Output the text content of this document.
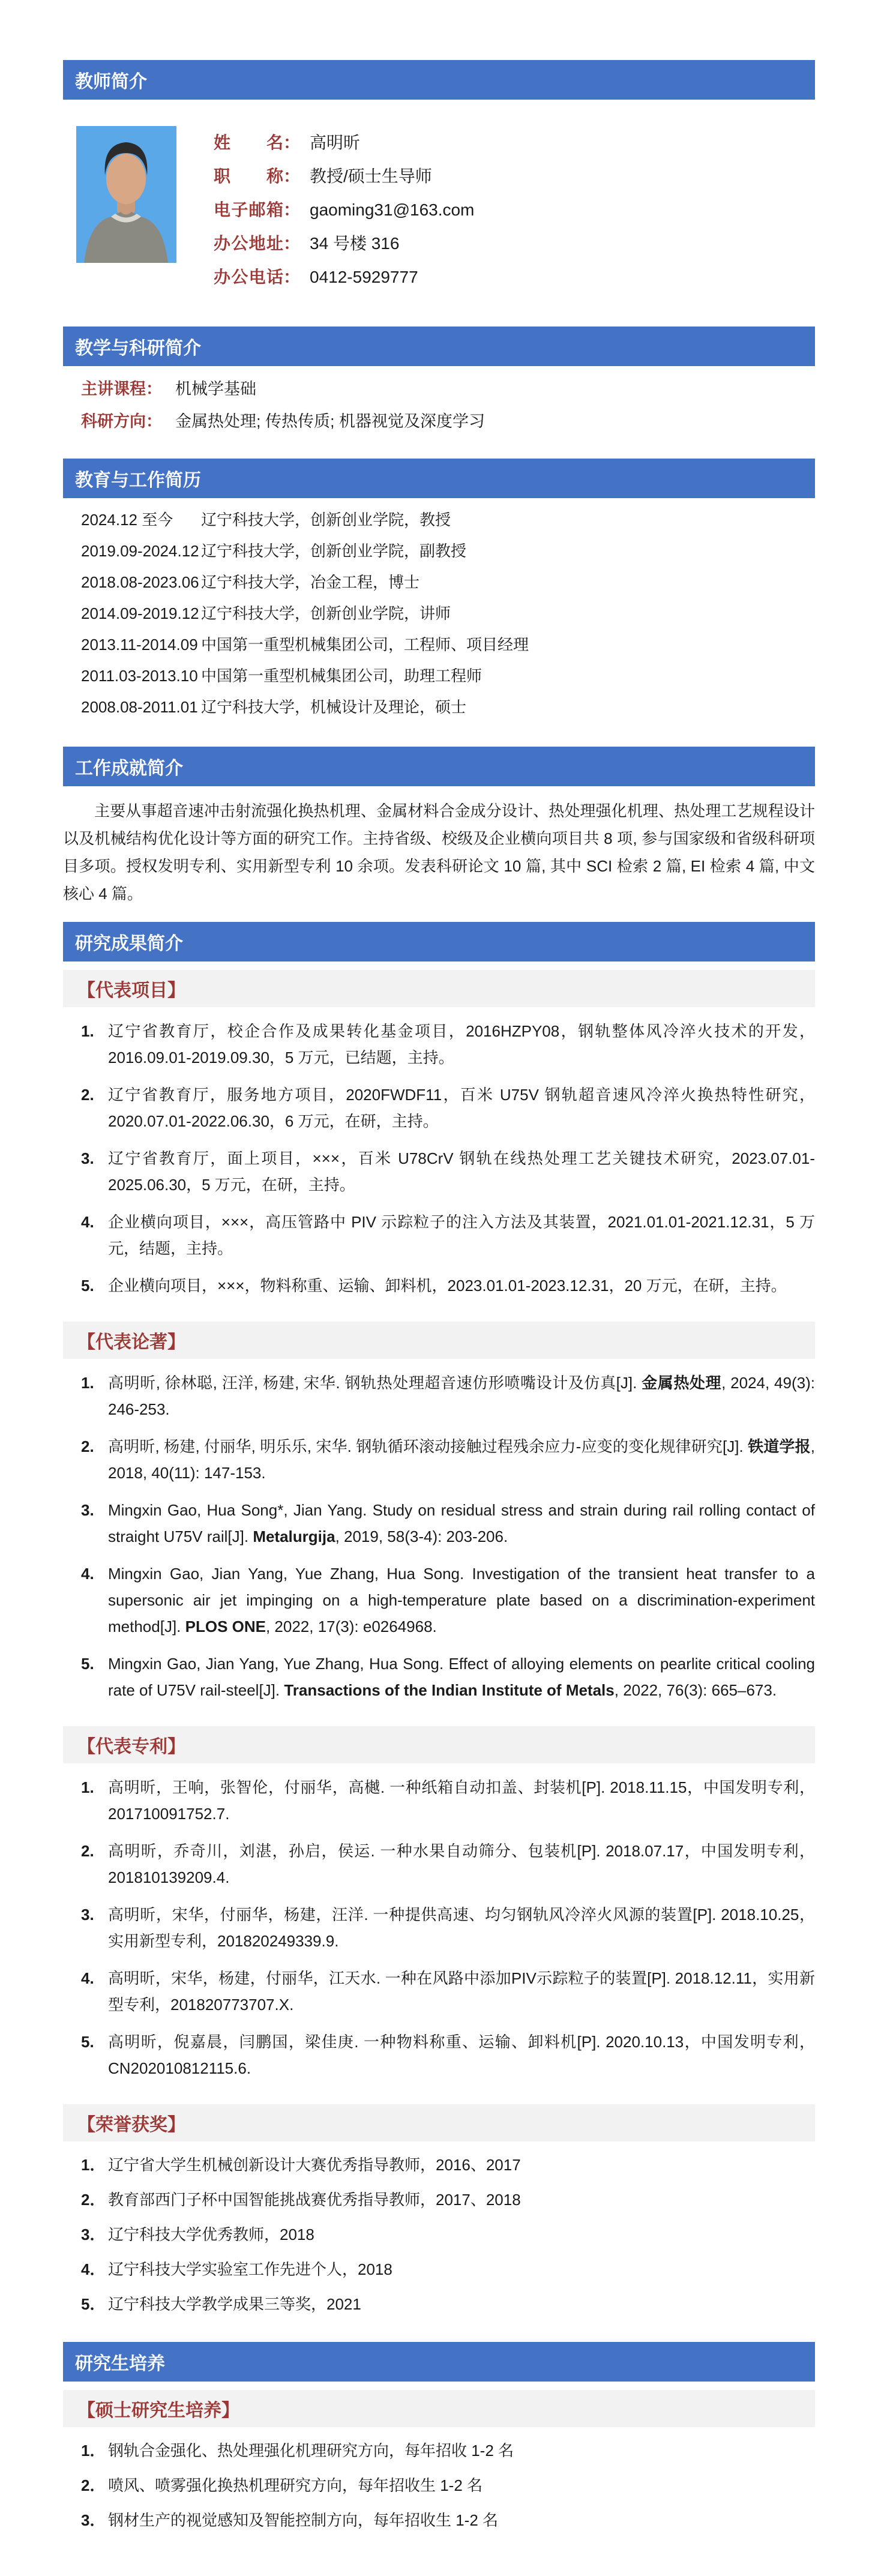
教师简介
姓名 ： 高明昕
职称 ： 教授/硕士生导师
电子邮箱 ： gaoming31@163.com
办公地址 ： 34 号楼 316
办公电话 ： 0412-5929777
教学与科研简介
主讲课程 ： 机械学基础
科研方向 ： 金属热处理; 传热传质; 机器视觉及深度学习
教育与工作简历
2024.12 至今	辽宁科技大学，创新创业学院，教授
2019.09-2024.12 辽宁科技大学，创新创业学院，副教授
2018.08-2023.06 辽宁科技大学，冶金工程，博士
2014.09-2019.12 辽宁科技大学，创新创业学院，讲师
2013.11-2014.09 中国第一重型机械集团公司，工程师、项目经理
2011.03-2013.10 中国第一重型机械集团公司，助理工程师
2008.08-2011.01 辽宁科技大学，机械设计及理论，硕士
工作成就简介

主要从事超音速冲击射流强化换热机理、金属材料合金成分设计、热处理强化机理、热处理工艺规程设计以及机械结构优化设计等方面的研究工作。主持省级、校级及企业横向项目共 8 项, 参与国家级和省级科研项目多项。授权发明专利、实用新型专利 10 余项。发表科研论文 10 篇, 其中 SCI 检索 2 篇, EI 检索 4 篇, 中文核心 4 篇。

研究成果简介
【代表项目】
1. 辽宁省教育厅，校企合作及成果转化基金项目，2016HZPY08，钢轨整体风冷淬火技术的开发，2016.09.01-2019.09.30，5 万元，已结题，主持。
2. 辽宁省教育厅，服务地方项目，2020FWDF11，百米 U75V 钢轨超音速风冷淬火换热特性研究，2020.07.01-2022.06.30，6 万元，在研，主持。
3. 辽宁省教育厅，面上项目，×××，百米 U78CrV 钢轨在线热处理工艺关键技术研究，2023.07.01-2025.06.30，5 万元，在研，主持。
4. 企业横向项目，×××，高压管路中 PIV 示踪粒子的注入方法及其装置，2021.01.01-2021.12.31，5 万元，结题，主持。
5. 企业横向项目，×××，物料称重、运输、卸料机，2023.01.01-2023.12.31，20 万元，在研，主持。
【代表论著】
1. 高明昕, 徐林聪, 汪洋, 杨建, 宋华. 钢轨热处理超音速仿形喷嘴设计及仿真[J]. 金属热处理, 2024, 49(3): 246-253.
2. 高明昕, 杨建, 付丽华, 明乐乐, 宋华. 钢轨循环滚动接触过程残余应力-应变的变化规律研究[J]. 铁道学报, 2018, 40(11): 147-153.
3. Mingxin Gao, Hua Song*, Jian Yang. Study on residual stress and strain during rail rolling contact of straight U75V rail[J]. Metalurgija, 2019, 58(3-4): 203-206.
4. Mingxin Gao, Jian Yang, Yue Zhang, Hua Song. Investigation of the transient heat transfer to a supersonic air jet impinging on a high-temperature plate based on a discrimination-experiment method[J]. PLOS ONE, 2022, 17(3): e0264968.
5. Mingxin Gao, Jian Yang, Yue Zhang, Hua Song. Effect of alloying elements on pearlite critical cooling rate of U75V rail-steel[J]. Transactions of the Indian Institute of Metals, 2022, 76(3): 665–673.
【代表专利】
1. 高明昕，王响，张智伦，付丽华，高樾. 一种纸箱自动扣盖、封装机[P]. 2018.11.15，中国发明专利，201710091752.7.
2. 高明昕，乔奇川，刘湛，孙启，侯运. 一种水果自动筛分、包装机[P]. 2018.07.17，中国发明专利，201810139209.4.
3. 高明昕，宋华，付丽华，杨建，汪洋. 一种提供高速、均匀钢轨风冷淬火风源的装置[P]. 2018.10.25，实用新型专利，201820249339.9.
4. 高明昕，宋华，杨建，付丽华，江天水. 一种在风路中添加PIV示踪粒子的装置[P]. 2018.12.11，实用新型专利，201820773707.X.
5. 高明昕，倪嘉晨，闫鹏国，梁佳庚. 一种物料称重、运输、卸料机[P]. 2020.10.13，中国发明专利，CN202010812115.6.
【荣誉获奖】
1． 辽宁省大学生机械创新设计大赛优秀指导教师，2016、2017
2． 教育部西门子杯中国智能挑战赛优秀指导教师，2017、2018
3． 辽宁科技大学优秀教师，2018
4． 辽宁科技大学实验室工作先进个人，2018
5． 辽宁科技大学教学成果三等奖，2021
研究生培养
【硕士研究生培养】
1． 钢轨合金强化、热处理强化机理研究方向，每年招收 1-2 名
2． 喷风、喷雾强化换热机理研究方向，每年招收生 1-2 名
3． 钢材生产的视觉感知及智能控制方向，每年招收生 1-2 名
